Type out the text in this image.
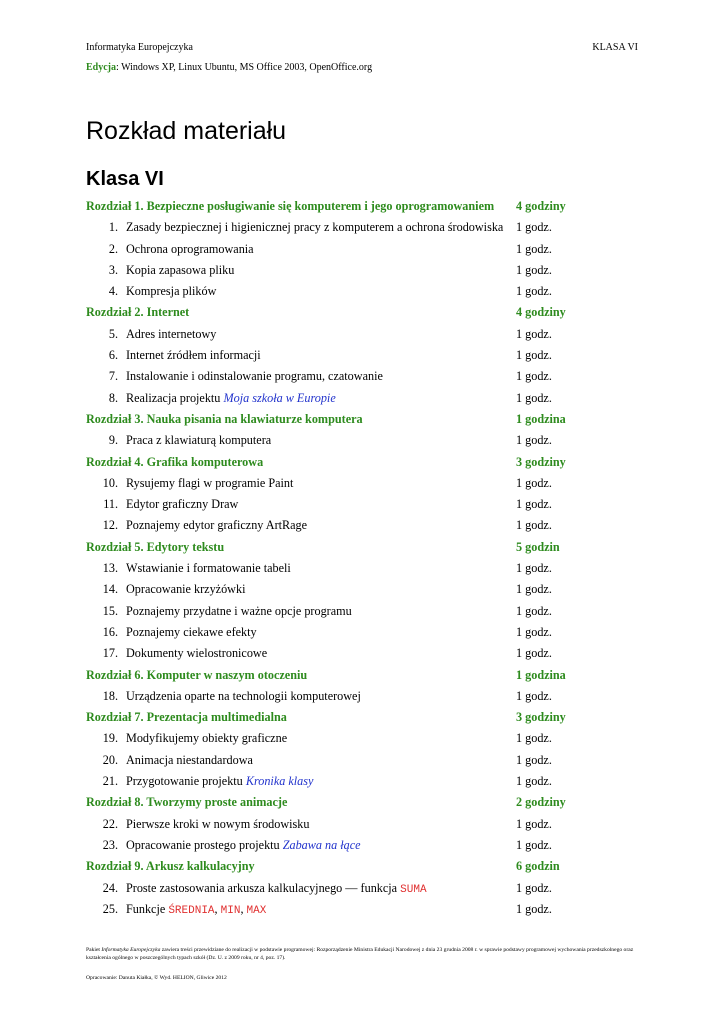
Informatyka Europejczyka	KLASA VI
Edycja: Windows XP, Linux Ubuntu, MS Office 2003, OpenOffice.org
Rozkład materiału
Klasa VI
Rozdział 1. Bezpieczne posługiwanie się komputerem i jego oprogramowaniem 4 godziny
1. Zasady bezpiecznej i higienicznej pracy z komputerem a ochrona środowiska 1 godz.
2. Ochrona oprogramowania	1 godz.
3. Kopia zapasowa pliku	1 godz.
4. Kompresja plików	1 godz.
Rozdział 2. Internet	4 godziny
5. Adres internetowy	1 godz.
6. Internet źródłem informacji	1 godz.
7. Instalowanie i odinstalowanie programu, czatowanie	1 godz.
8. Realizacja projektu Moja szkoła w Europie	1 godz.
Rozdział 3. Nauka pisania na klawiaturze komputera	1 godzina
9. Praca z klawiaturą komputera	1 godz.
Rozdział 4. Grafika komputerowa	3 godziny
10. Rysujemy flagi w programie Paint	1 godz.
11. Edytor graficzny Draw	1 godz.
12. Poznajemy edytor graficzny ArtRage	1 godz.
Rozdział 5. Edytory tekstu	5 godzin
13. Wstawianie i formatowanie tabeli	1 godz.
14. Opracowanie krzyżówki	1 godz.
15. Poznajemy przydatne i ważne opcje programu	1 godz.
16. Poznajemy ciekawe efekty	1 godz.
17. Dokumenty wielostronicowe	1 godz.
Rozdział 6. Komputer w naszym otoczeniu	1 godzina
18. Urządzenia oparte na technologii komputerowej	1 godz.
Rozdział 7. Prezentacja multimedialna	3 godziny
19. Modyfikujemy obiekty graficzne	1 godz.
20. Animacja niestandardowa	1 godz.
21. Przygotowanie projektu Kronika klasy	1 godz.
Rozdział 8. Tworzymy proste animacje	2 godziny
22. Pierwsze kroki w nowym środowisku	1 godz.
23. Opracowanie prostego projektu Zabawa na łące	1 godz.
Rozdział 9. Arkusz kalkulacyjny	6 godzin
24. Proste zastosowania arkusza kalkulacyjnego — funkcja SUMA	1 godz.
25. Funkcje ŚREDNIA, MIN, MAX	1 godz.
Pakiet Informatyka Europejczyka zawiera treści przewidziane do realizacji w podstawie programowej: Rozporządzenie Ministra Edukacji Narodowej z dnia 23 grudnia 2008 r. w sprawie podstawy programowej wychowania przedszkolnego oraz kształcenia ogólnego w poszczególnych typach szkół (Dz. U. z 2009 roku, nr 4, poz. 17).
Opracowanie: Danuta Kiałka, © Wyd. HELION, Gliwice 2012
